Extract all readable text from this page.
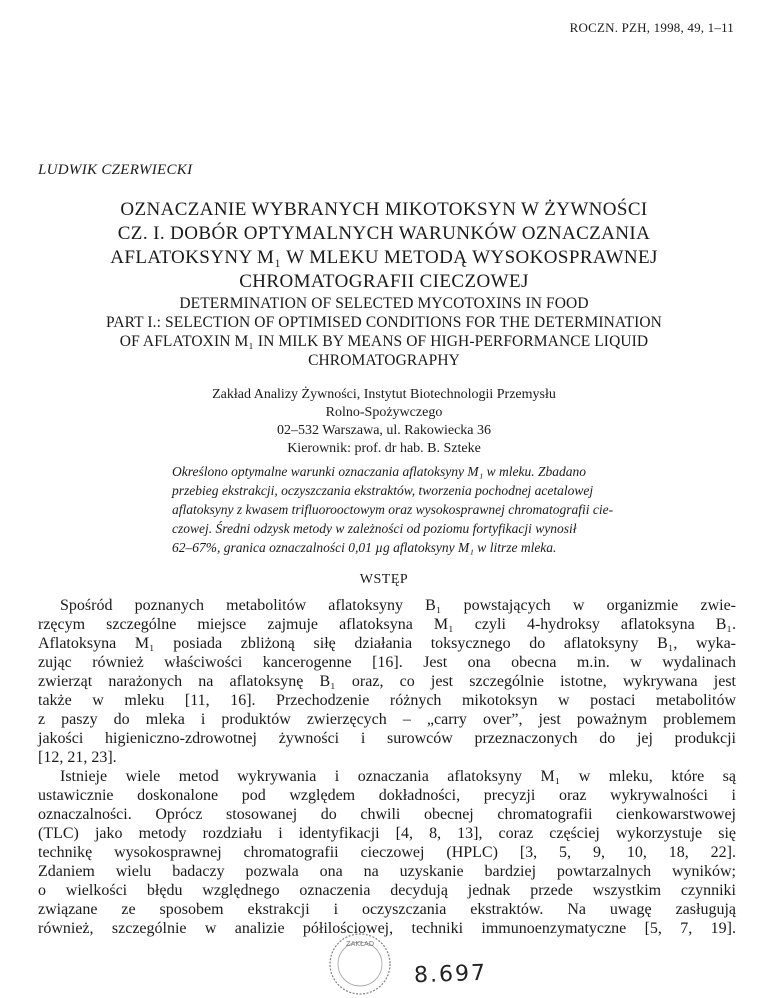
ROCZN. PZH, 1998, 49, 1–11
LUDWIK CZERWIECKI
OZNACZANIE WYBRANYCH MIKOTOKSYN W ŻYWNOŚCI
CZ. I. DOBÓR OPTYMALNYCH WARUNKÓW OZNACZANIA
AFLATOKSYNY M₁ W MLEKU METODĄ WYSOKOSPRAWNEJ
CHROMATOGRAFII CIECZOWEJ
DETERMINATION OF SELECTED MYCOTOXINS IN FOOD
PART I.: SELECTION OF OPTIMISED CONDITIONS FOR THE DETERMINATION
OF AFLATOXIN M₁ IN MILK BY MEANS OF HIGH-PERFORMANCE LIQUID
CHROMATOGRAPHY
Zakład Analizy Żywności, Instytut Biotechnologii Przemysłu
Rolno-Spożywczego
02–532 Warszawa, ul. Rakowiecka 36
Kierownik: prof. dr hab. B. Szteke
Określono optymalne warunki oznaczania aflatoksyny M₁ w mleku. Zbadano
przebieg ekstrakcji, oczyszczania ekstraktów, tworzenia pochodnej acetalowej
aflatoksyny z kwasem trifluorooctowym oraz wysokosprawnej chromatografii cie-
czowej. Średni odzysk metody w zależności od poziomu fortyfikacji wynosił
62–67%, granica oznaczalności 0,01 µg aflatoksyny M₁ w litrze mleka.
WSTĘP
Spośród poznanych metabolitów aflatoksyny B₁ powstających w organizmie zwie-
rzęcym szczególne miejsce zajmuje aflatoksyna M₁ czyli 4-hydroksy aflatoksyna B₁.
Aflatoksyna M₁ posiada zbliżoną siłę działania toksycznego do aflatoksyny B₁, wyka-
zując również właściwości kancerogenne [16]. Jest ona obecna m.in. w wydalinach
zwierząt narażonych na aflatoksynę B₁ oraz, co jest szczególnie istotne, wykrywana jest
także w mleku [11, 16]. Przechodzenie różnych mikotoksyn w postaci metabolitów
z paszy do mleka i produktów zwierzęcych – „carry over”, jest poważnym problemem
jakości higieniczno-zdrowotnej żywności i surowców przeznaczonych do jej produkcji
[12, 21, 23].
Istnieje wiele metod wykrywania i oznaczania aflatoksyny M₁ w mleku, które są
ustawicznie doskonalone pod względem dokładności, precyzji oraz wykrywalności i
oznaczalności. Oprócz stosowanej do chwili obecnej chromatografii cienkowarstwowej
(TLC) jako metody rozdziału i identyfikacji [4, 8, 13], coraz częściej wykorzystuje się
technikę wysokosprawnej chromatografii cieczowej (HPLC) [3, 5, 9, 10, 18, 22].
Zdaniem wielu badaczy pozwala ona na uzyskanie bardziej powtarzalnych wyników;
o wielkości błędu względnego oznaczenia decydują jednak przede wszystkim czynniki
związane ze sposobem ekstrakcji i oczyszczania ekstraktów. Na uwagę zasługują
również, szczególnie w analizie półilościowej, techniki immunoenzymatyczne [5, 7, 19].
ZAKŁAD
8.697
